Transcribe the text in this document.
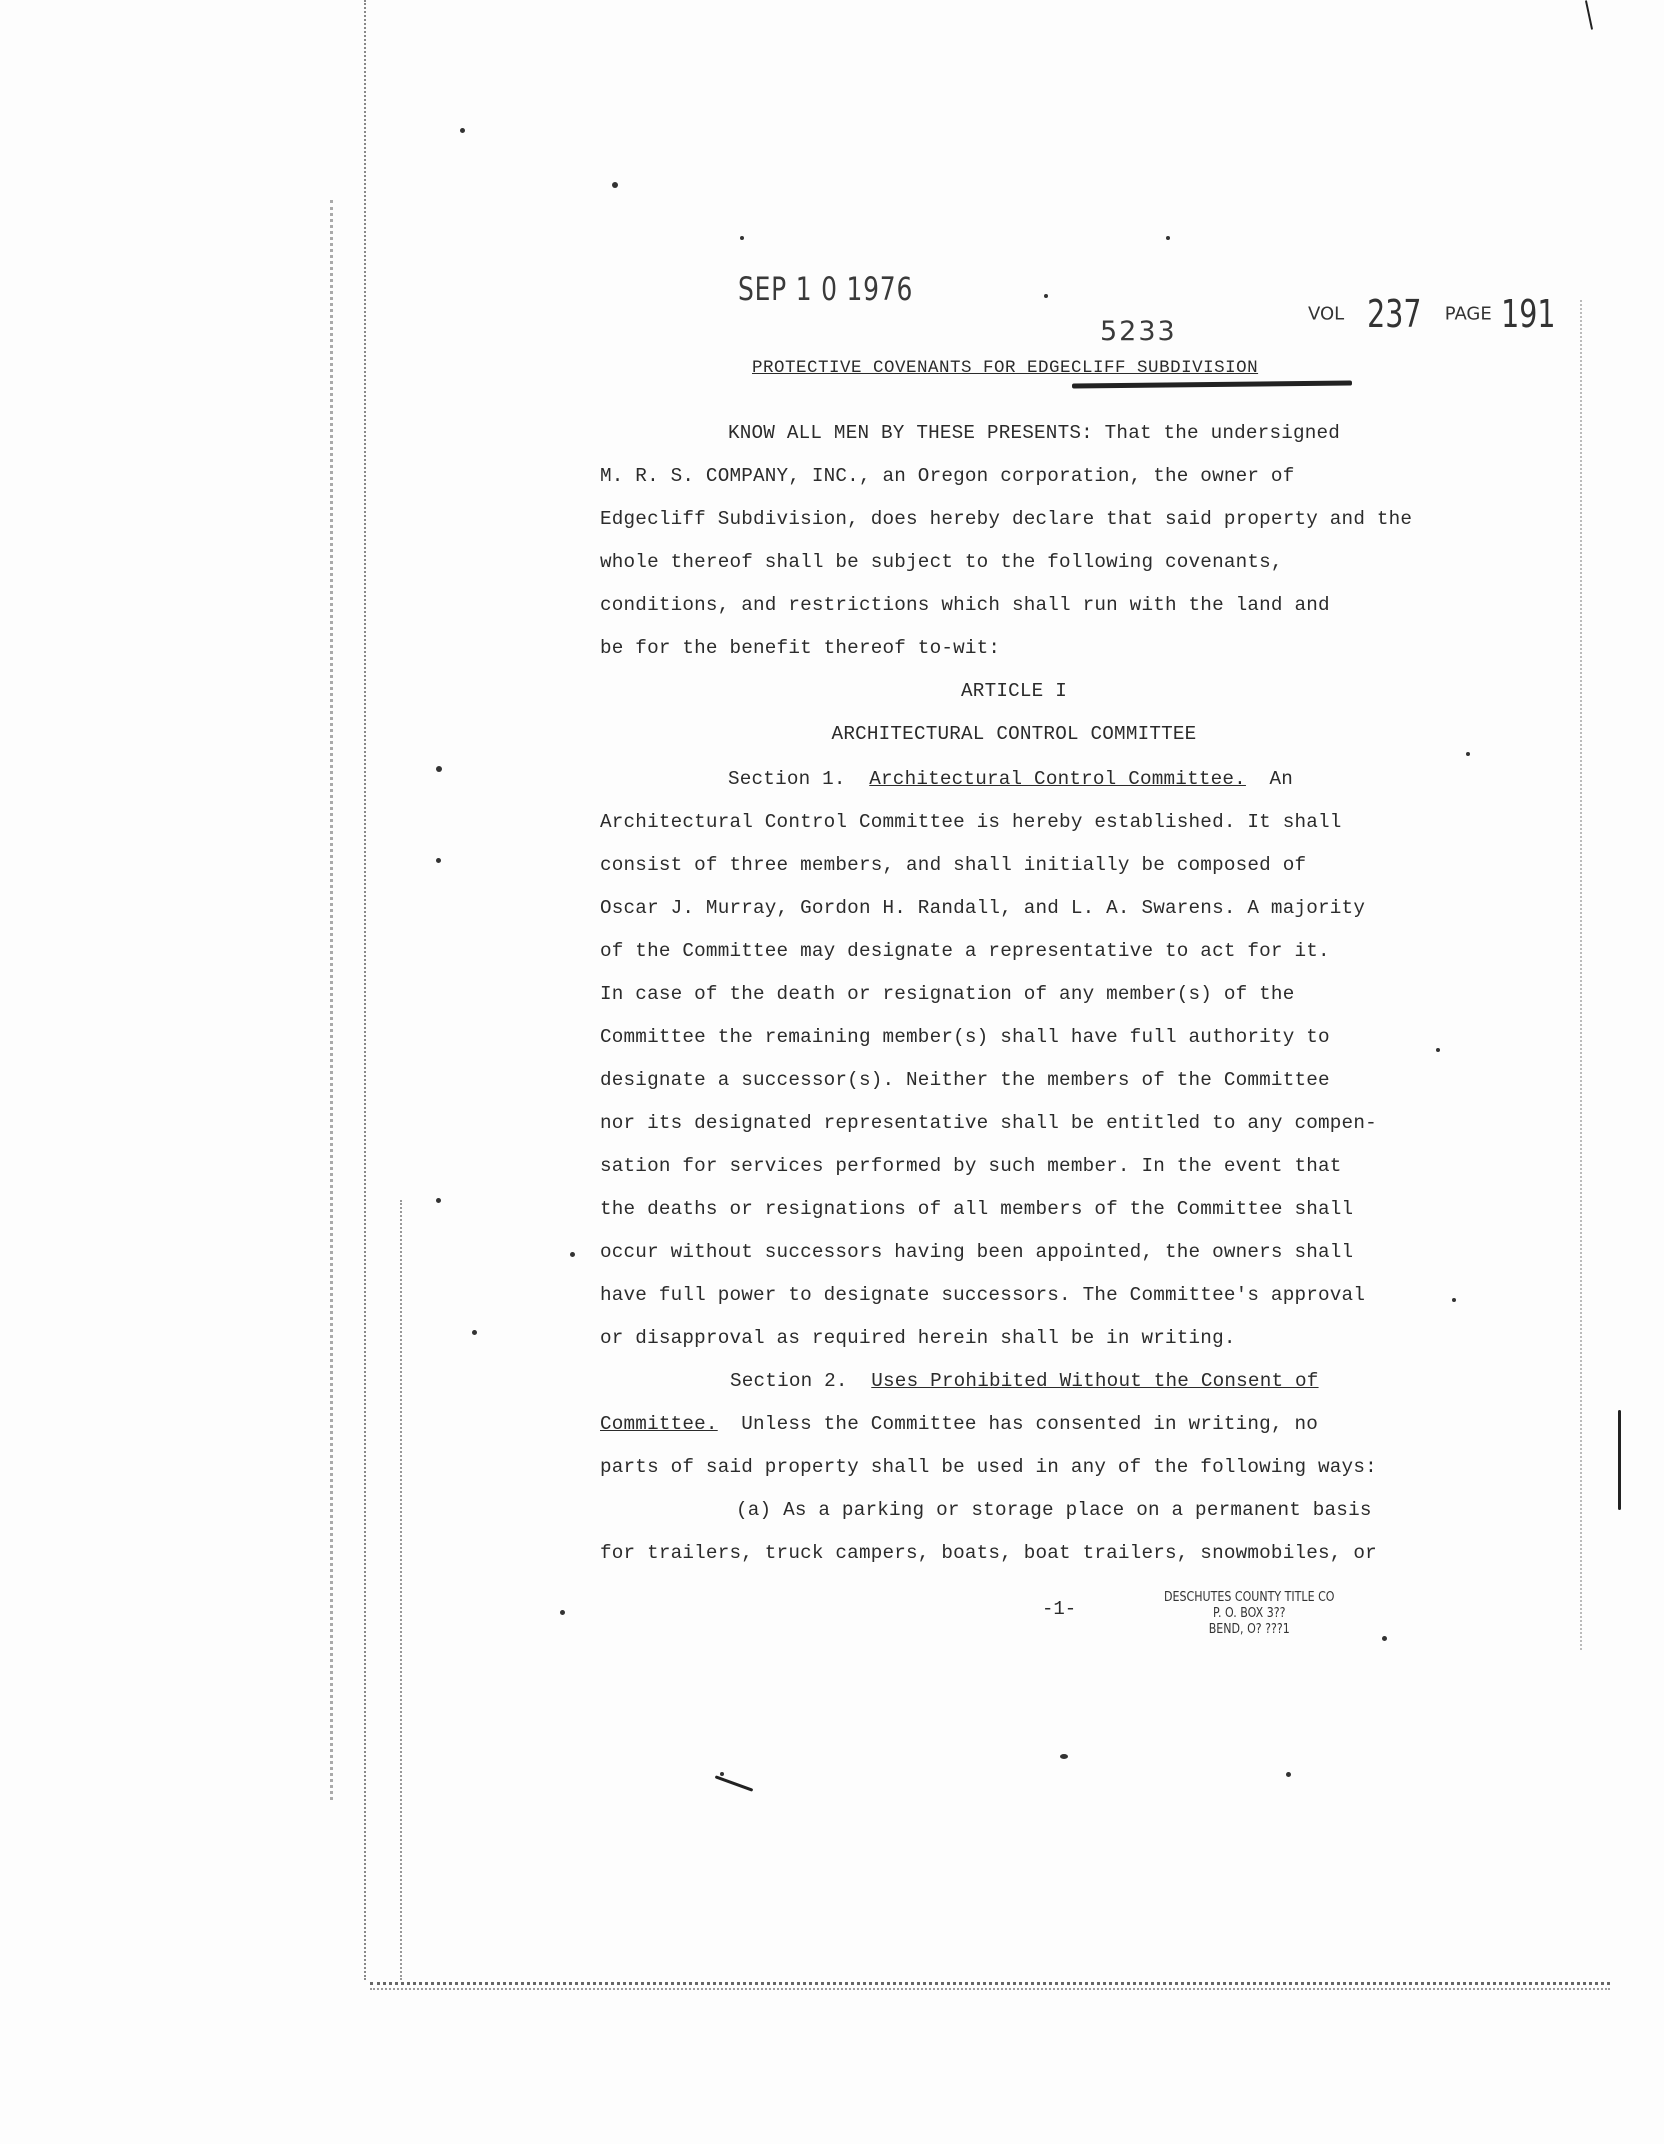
SEP 1 0 1976
5233
VOL 237 PAGE 191
PROTECTIVE COVENANTS FOR EDGECLIFF SUBDIVISION
KNOW ALL MEN BY THESE PRESENTS: That the undersigned
M. R. S. COMPANY, INC., an Oregon corporation, the owner of
Edgecliff Subdivision, does hereby declare that said property and the
whole thereof shall be subject to the following covenants,
conditions, and restrictions which shall run with the land and
be for the benefit thereof to-wit:
ARTICLE I
ARCHITECTURAL CONTROL COMMITTEE
Section 1. Architectural Control Committee. An
Architectural Control Committee is hereby established. It shall
consist of three members, and shall initially be composed of
Oscar J. Murray, Gordon H. Randall, and L. A. Swarens. A majority
of the Committee may designate a representative to act for it.
In case of the death or resignation of any member(s) of the
Committee the remaining member(s) shall have full authority to
designate a successor(s). Neither the members of the Committee
nor its designated representative shall be entitled to any compen-
sation for services performed by such member. In the event that
the deaths or resignations of all members of the Committee shall
occur without successors having been appointed, the owners shall
have full power to designate successors. The Committee's approval
or disapproval as required herein shall be in writing.
Section 2. Uses Prohibited Without the Consent of
Committee. Unless the Committee has consented in writing, no
parts of said property shall be used in any of the following ways:
(a) As a parking or storage place on a permanent basis
for trailers, truck campers, boats, boat trailers, snowmobiles, or
-1-
DESCHUTES COUNTY TITLE CO
P. O. BOX 3??
BEND, O? ???1
